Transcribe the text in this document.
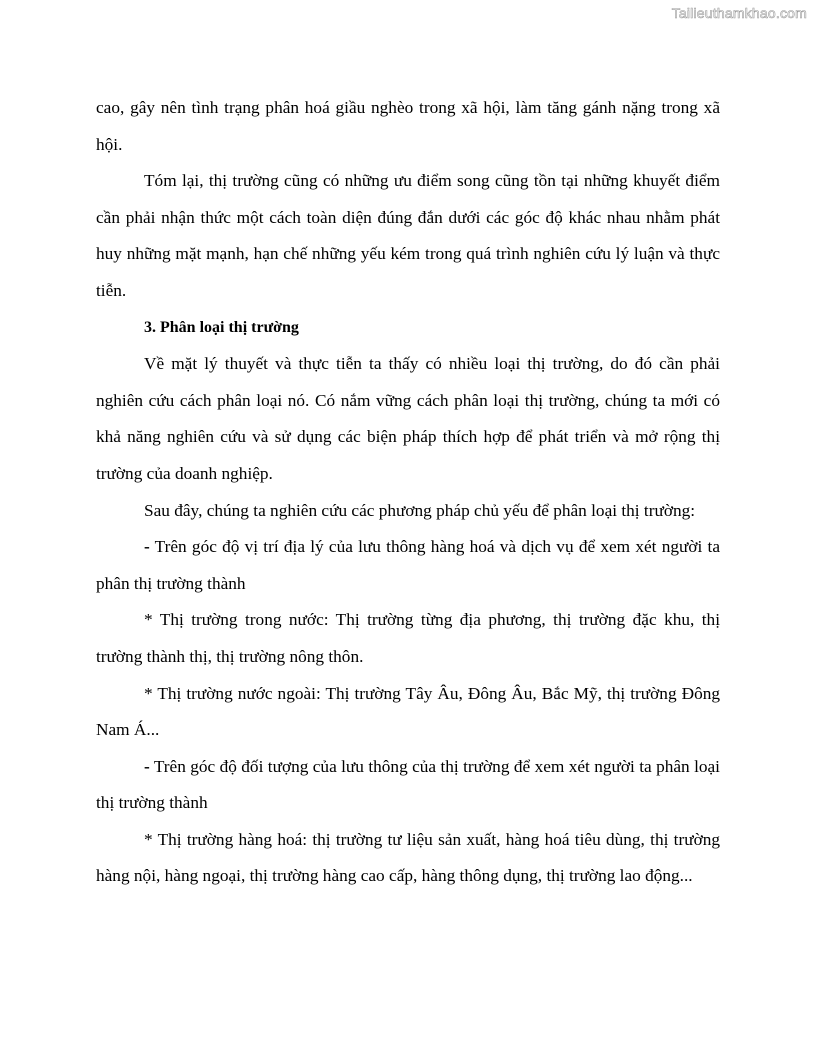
Tailieuthamkhao.com

cao, gây nên tình trạng phân hoá giầu nghèo trong xã hội, làm tăng gánh nặng trong xã hội.

Tóm lại, thị trường cũng có những ưu điểm song cũng tồn tại những khuyết điểm cần phải nhận thức một cách toàn diện đúng đắn dưới các góc độ khác nhau nhằm phát huy những mặt mạnh, hạn chế những yếu kém trong quá trình nghiên cứu lý luận và thực tiễn.

3. Phân loại thị trường

Về mặt lý thuyết và thực tiễn ta thấy có nhiều loại thị trường, do đó cần phải nghiên cứu cách phân loại nó. Có nắm vững cách phân loại thị trường, chúng ta mới có khả năng nghiên cứu và sử dụng các biện pháp thích hợp để phát triển và mở rộng thị trường của doanh nghiệp.

Sau đây, chúng ta nghiên cứu các phương pháp chủ yếu để phân loại thị trường:

- Trên góc độ vị trí địa lý của lưu thông hàng hoá và dịch vụ để xem xét người ta phân thị trường thành

* Thị trường trong nước: Thị trường từng địa phương, thị trường đặc khu, thị trường thành thị, thị trường nông thôn.

* Thị trường nước ngoài: Thị trường Tây Âu, Đông Âu, Bắc Mỹ, thị trường Đông Nam Á...

- Trên góc độ đối tượng của lưu thông của thị trường để xem xét người ta phân loại thị trường thành

* Thị trường hàng hoá: thị trường tư liệu sản xuất, hàng hoá tiêu dùng, thị trường hàng nội, hàng ngoại, thị trường hàng cao cấp, hàng thông dụng, thị trường lao động...
